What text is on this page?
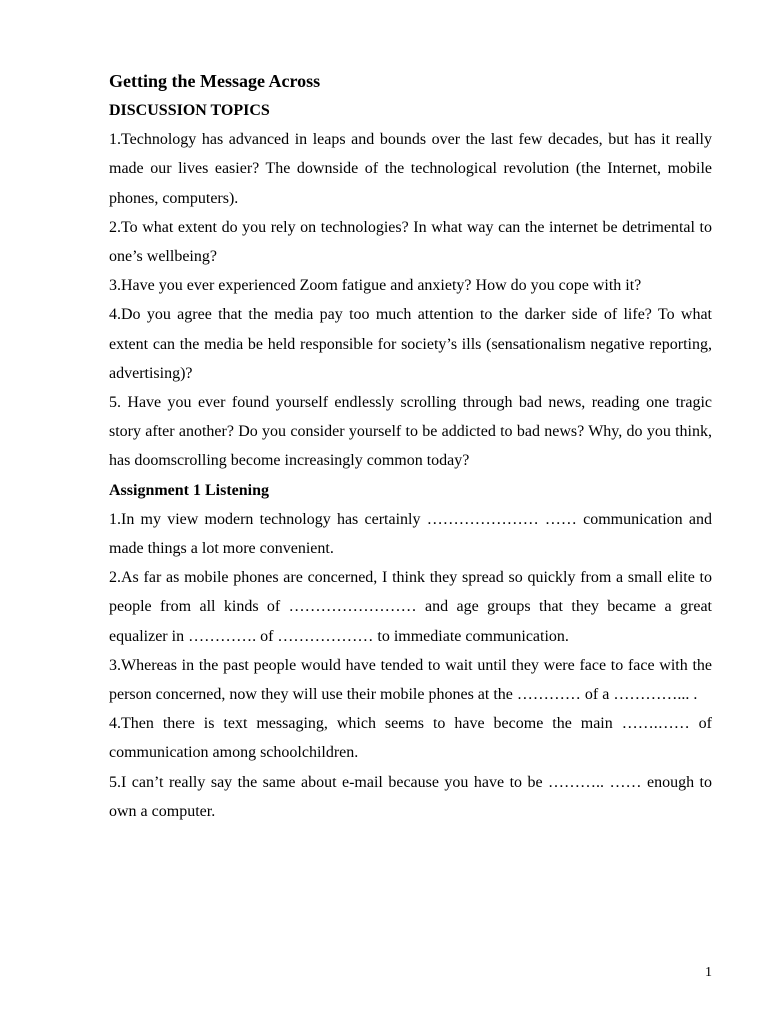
Getting the Message Across

DISCUSSION TOPICS

1.Technology has advanced in leaps and bounds over the last few decades, but has it really made our lives easier? The downside of the technological revolution (the Internet, mobile phones, computers).

2.To what extent do you rely on technologies? In what way can the internet be detrimental to one’s wellbeing?

3.Have you ever experienced Zoom fatigue and anxiety? How do you cope with it?

4.Do you agree that the media pay too much attention to the darker side of life? To what extent can the media be held responsible for society’s ills (sensationalism negative reporting, advertising)?

5. Have you ever found yourself endlessly scrolling through bad news, reading one tragic story after another? Do you consider yourself to be addicted to bad news? Why, do you think, has doomscrolling become increasingly common today?

Assignment 1 Listening

1.In my view modern technology has certainly ………………… …… communication and made things a lot more convenient.

2.As far as mobile phones are concerned, I think they spread so quickly from a small elite to people from all kinds of …………………… and age groups that they became a great equalizer in …………. of ……………… to immediate communication.

3.Whereas in the past people would have tended to wait until they were face to face with the person concerned, now they will use their mobile phones at the ………… of a …………... .

4.Then there is text messaging, which seems to have become the main …….…… of communication among schoolchildren.

5.I can’t really say the same about e-mail because you have to be ……….. …… enough to own a computer.

1
